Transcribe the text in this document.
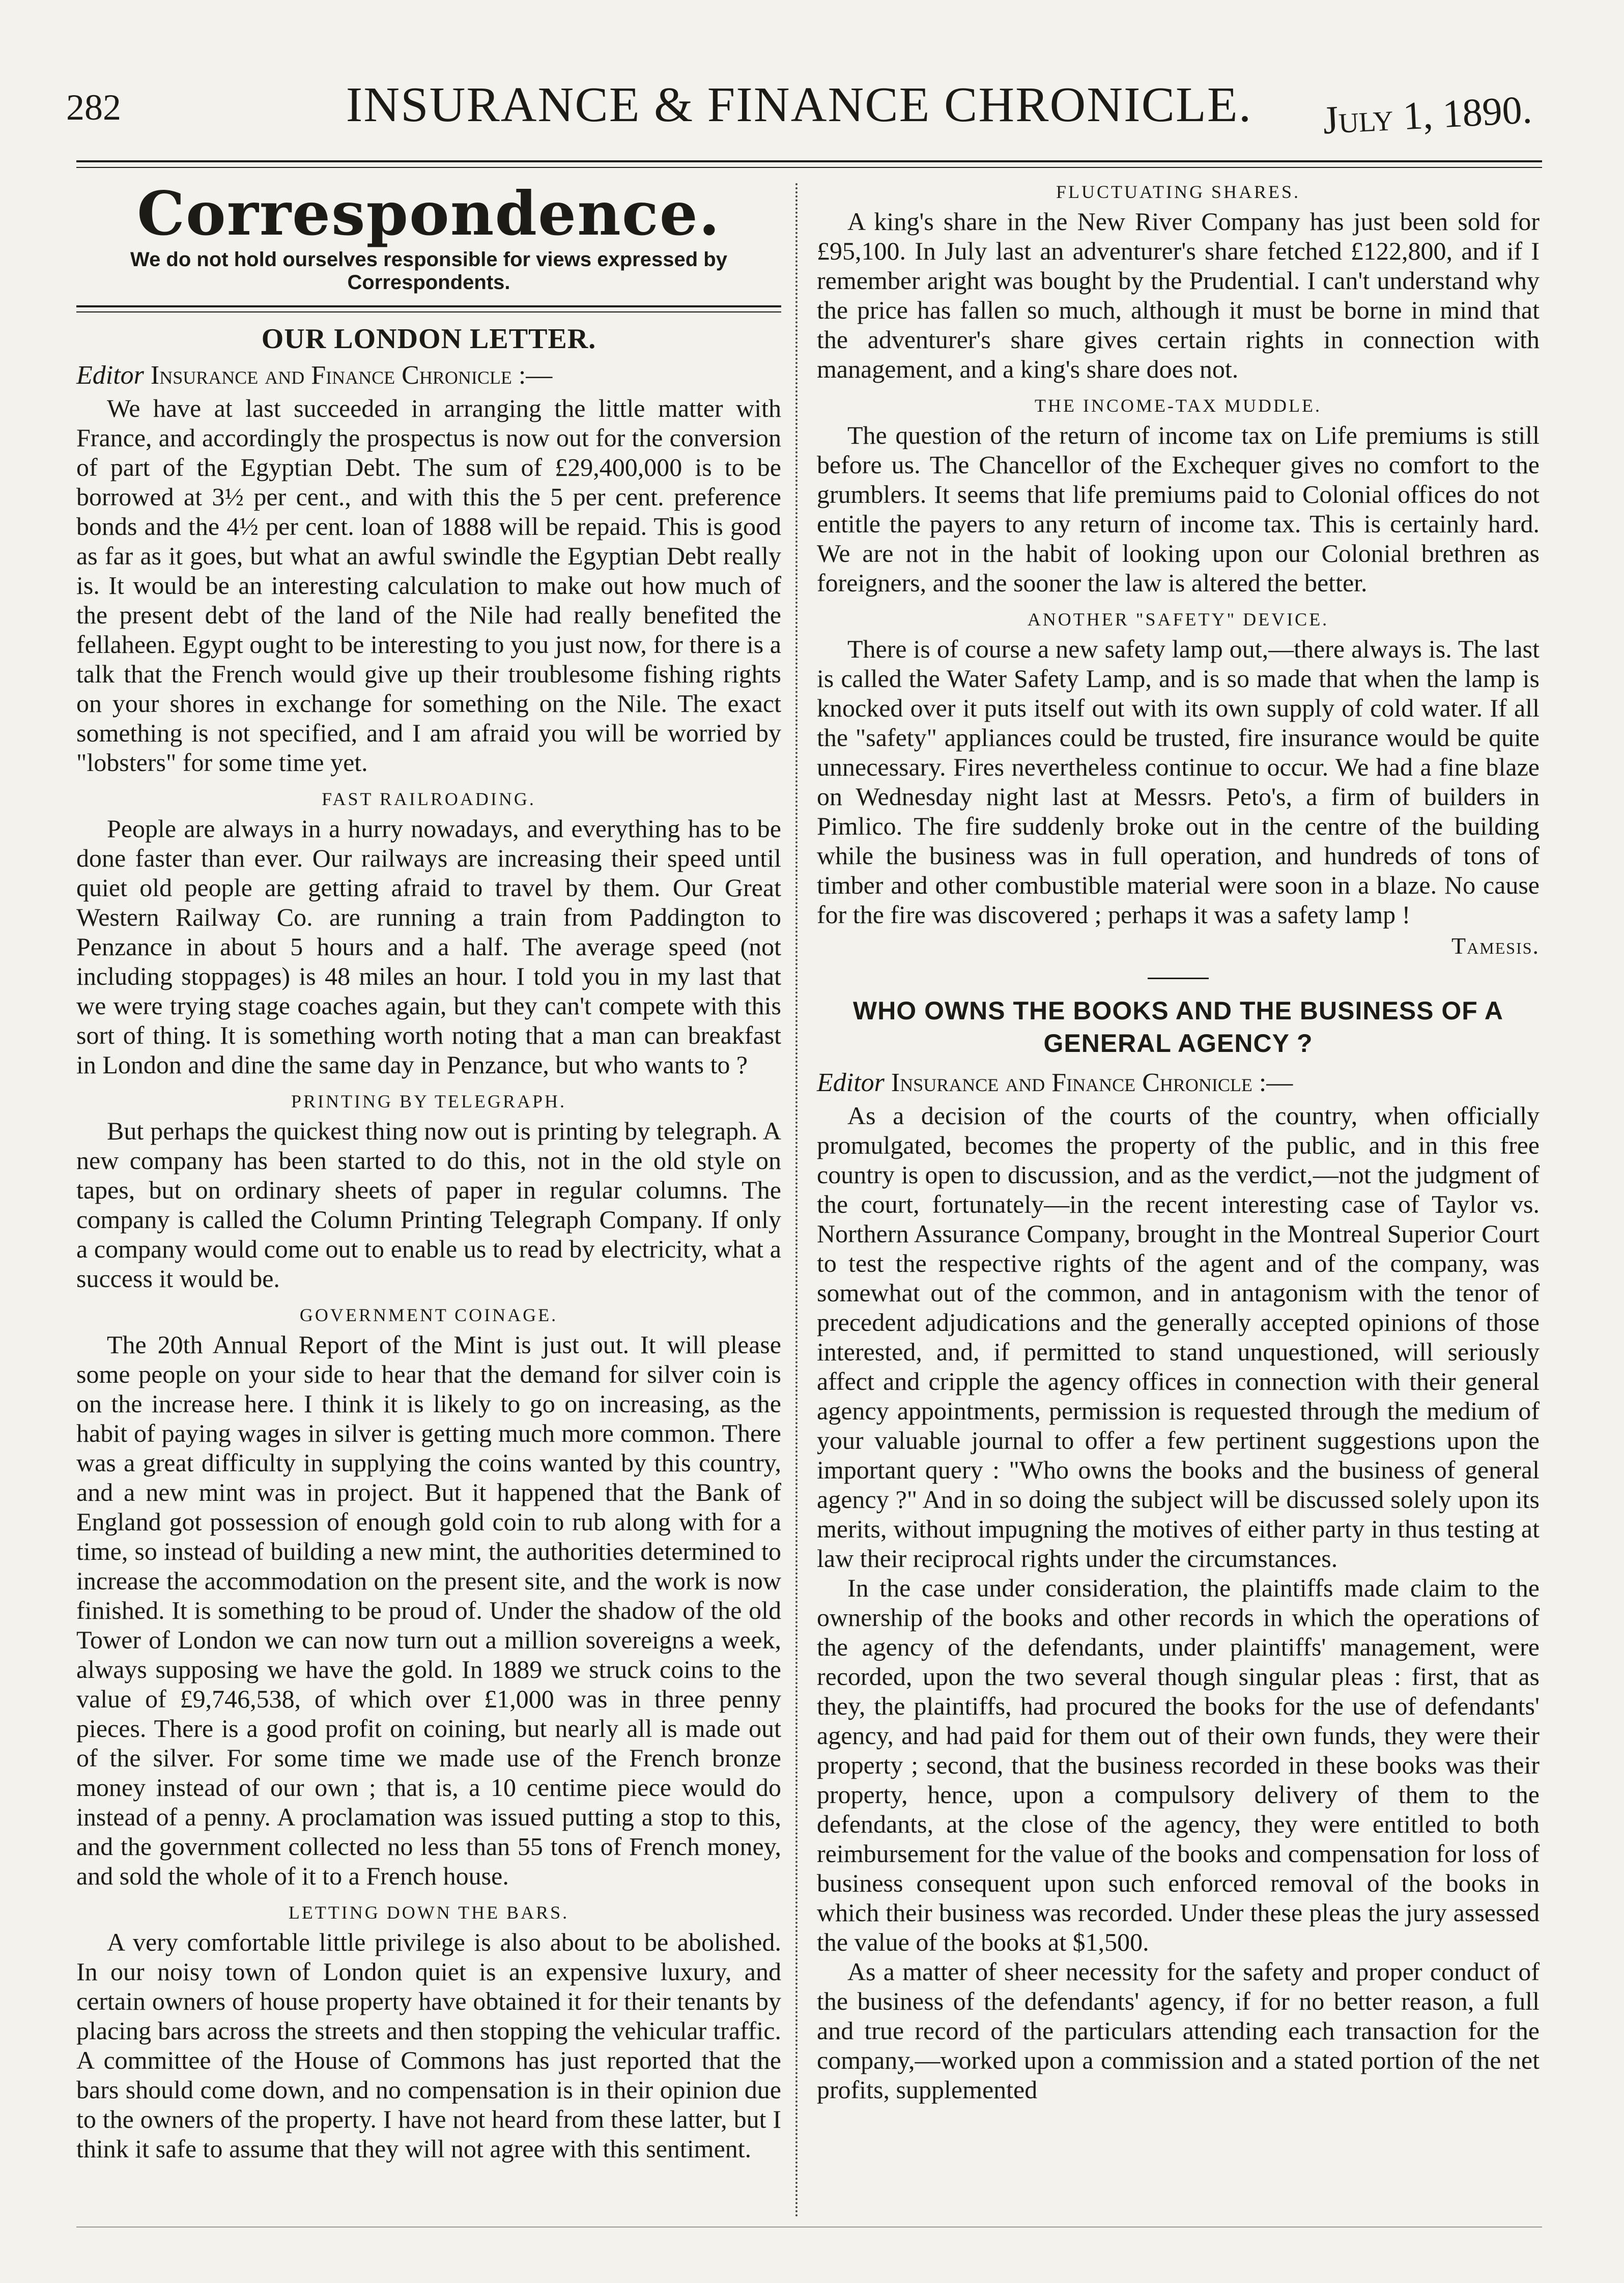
282	INSURANCE & FINANCE CHRONICLE.	July 1, 1890.
Correspondence.
We do not hold ourselves responsible for views expressed by Correspondents.
OUR LONDON LETTER.
Editor Insurance and Finance Chronicle :—

We have at last succeeded in arranging the little matter with France, and accordingly the prospectus is now out for the conversion of part of the Egyptian Debt. The sum of £29,400,000 is to be borrowed at 3½ per cent., and with this the 5 per cent. preference bonds and the 4½ per cent. loan of 1888 will be repaid. This is good as far as it goes, but what an awful swindle the Egyptian Debt really is. It would be an interesting calculation to make out how much of the present debt of the land of the Nile had really benefited the fellaheen. Egypt ought to be interesting to you just now, for there is a talk that the French would give up their troublesome fishing rights on your shores in exchange for something on the Nile. The exact something is not specified, and I am afraid you will be worried by "lobsters" for some time yet.

FAST RAILROADING.

People are always in a hurry nowadays, and everything has to be done faster than ever. Our railways are increasing their speed until quiet old people are getting afraid to travel by them. Our Great Western Railway Co. are running a train from Paddington to Penzance in about 5 hours and a half. The average speed (not including stoppages) is 48 miles an hour. I told you in my last that we were trying stage coaches again, but they can't compete with this sort of thing. It is something worth noting that a man can breakfast in London and dine the same day in Penzance, but who wants to ?

PRINTING BY TELEGRAPH.

But perhaps the quickest thing now out is printing by telegraph. A new company has been started to do this, not in the old style on tapes, but on ordinary sheets of paper in regular columns. The company is called the Column Printing Telegraph Company. If only a company would come out to enable us to read by electricity, what a success it would be.

GOVERNMENT COINAGE.

The 20th Annual Report of the Mint is just out. It will please some people on your side to hear that the demand for silver coin is on the increase here. I think it is likely to go on increasing, as the habit of paying wages in silver is getting much more common. There was a great difficulty in supplying the coins wanted by this country, and a new mint was in project. But it happened that the Bank of England got possession of enough gold coin to rub along with for a time, so instead of building a new mint, the authorities determined to increase the accommodation on the present site, and the work is now finished. It is something to be proud of. Under the shadow of the old Tower of London we can now turn out a million sovereigns a week, always supposing we have the gold. In 1889 we struck coins to the value of £9,746,538, of which over £1,000 was in three penny pieces. There is a good profit on coining, but nearly all is made out of the silver. For some time we made use of the French bronze money instead of our own ; that is, a 10 centime piece would do instead of a penny. A proclamation was issued putting a stop to this, and the government collected no less than 55 tons of French money, and sold the whole of it to a French house.

LETTING DOWN THE BARS.

A very comfortable little privilege is also about to be abolished. In our noisy town of London quiet is an expensive luxury, and certain owners of house property have obtained it for their tenants by placing bars across the streets and then stopping the vehicular traffic. A committee of the House of Commons has just reported that the bars should come down, and no compensation is in their opinion due to the owners of the property. I have not heard from these latter, but I think it safe to assume that they will not agree with this sentiment.

FLUCTUATING SHARES.

A king's share in the New River Company has just been sold for £95,100. In July last an adventurer's share fetched £122,800, and if I remember aright was bought by the Prudential. I can't understand why the price has fallen so much, although it must be borne in mind that the adventurer's share gives certain rights in connection with management, and a king's share does not.

THE INCOME-TAX MUDDLE.

The question of the return of income tax on Life premiums is still before us. The Chancellor of the Exchequer gives no comfort to the grumblers. It seems that life premiums paid to Colonial offices do not entitle the payers to any return of income tax. This is certainly hard. We are not in the habit of looking upon our Colonial brethren as foreigners, and the sooner the law is altered the better.

ANOTHER "SAFETY" DEVICE.

There is of course a new safety lamp out,—there always is. The last is called the Water Safety Lamp, and is so made that when the lamp is knocked over it puts itself out with its own supply of cold water. If all the "safety" appliances could be trusted, fire insurance would be quite unnecessary. Fires nevertheless continue to occur. We had a fine blaze on Wednesday night last at Messrs. Peto's, a firm of builders in Pimlico. The fire suddenly broke out in the centre of the building while the business was in full operation, and hundreds of tons of timber and other combustible material were soon in a blaze. No cause for the fire was discovered ; perhaps it was a safety lamp !

Tamesis.
WHO OWNS THE BOOKS AND THE BUSINESS OF A GENERAL AGENCY ?
Editor Insurance and Finance Chronicle :—

As a decision of the courts of the country, when officially promulgated, becomes the property of the public, and in this free country is open to discussion, and as the verdict,—not the judgment of the court, fortunately—in the recent interesting case of Taylor vs. Northern Assurance Company, brought in the Montreal Superior Court to test the respective rights of the agent and of the company, was somewhat out of the common, and in antagonism with the tenor of precedent adjudications and the generally accepted opinions of those interested, and, if permitted to stand unquestioned, will seriously affect and cripple the agency offices in connection with their general agency appointments, permission is requested through the medium of your valuable journal to offer a few pertinent suggestions upon the important query : "Who owns the books and the business of general agency ?" And in so doing the subject will be discussed solely upon its merits, without impugning the motives of either party in thus testing at law their reciprocal rights under the circumstances.

In the case under consideration, the plaintiffs made claim to the ownership of the books and other records in which the operations of the agency of the defendants, under plaintiffs' management, were recorded, upon the two several though singular pleas : first, that as they, the plaintiffs, had procured the books for the use of defendants' agency, and had paid for them out of their own funds, they were their property ; second, that the business recorded in these books was their property, hence, upon a compulsory delivery of them to the defendants, at the close of the agency, they were entitled to both reimbursement for the value of the books and compensation for loss of business consequent upon such enforced removal of the books in which their business was recorded. Under these pleas the jury assessed the value of the books at $1,500.

As a matter of sheer necessity for the safety and proper conduct of the business of the defendants' agency, if for no better reason, a full and true record of the particulars attending each transaction for the company,—worked upon a commission and a stated portion of the net profits, supplemented
